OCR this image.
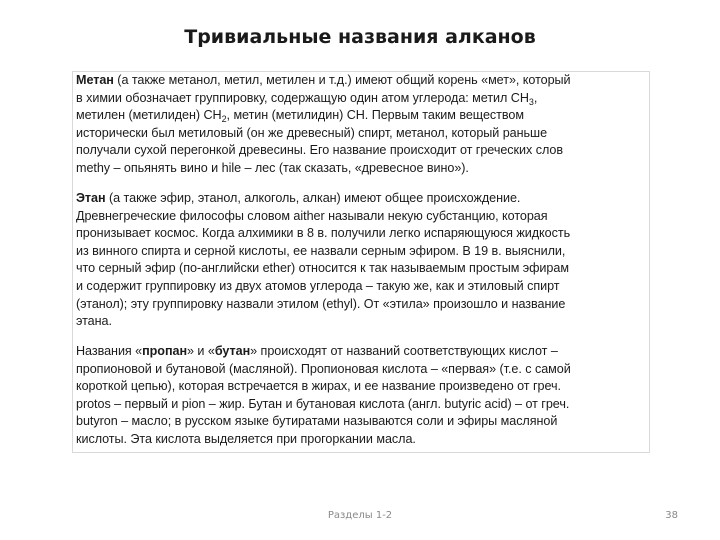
Тривиальные названия алканов

Метан (а также метанол, метил, метилен и т.д.) имеют общий корень «мет», который
в химии обозначает группировку, содержащую один атом углерода: метил $CH_3$,
метилен (метилиден) $CH_2$, метин (метилидин) CH. Первым таким веществом
исторически был метиловый (он же древесный) спирт, метанол, который раньше
получали сухой перегонкой древесины. Его название происходит от греческих слов
methy – опьянять вино и hile – лес (так сказать, «древесное вино»).

Этан (а также эфир, этанол, алкоголь, алкан) имеют общее происхождение.
Древнегреческие философы словом aither называли некую субстанцию, которая
пронизывает космос. Когда алхимики в 8 в. получили легко испаряющуюся жидкость
из винного спирта и серной кислоты, ее назвали серным эфиром. В 19 в. выяснили,
что серный эфир (по-английски ether) относится к так называемым простым эфирам
и содержит группировку из двух атомов углерода – такую же, как и этиловый спирт
(этанол); эту группировку назвали этилом (ethyl). От «этила» произошло и название
этана.

Названия «пропан» и «бутан» происходят от названий соответствующих кислот –
пропионовой и бутановой (масляной). Пропионовая кислота – «первая» (т.е. с самой
короткой цепью), которая встречается в жирах, и ее название произведено от греч.
protos – первый и pion – жир. Бутан и бутановая кислота (англ. butyric acid) – от греч.
butyron – масло; в русском языке бутиратами называются соли и эфиры масляной
кислоты. Эта кислота выделяется при прогоркании масла.

Разделы 1-2	38
